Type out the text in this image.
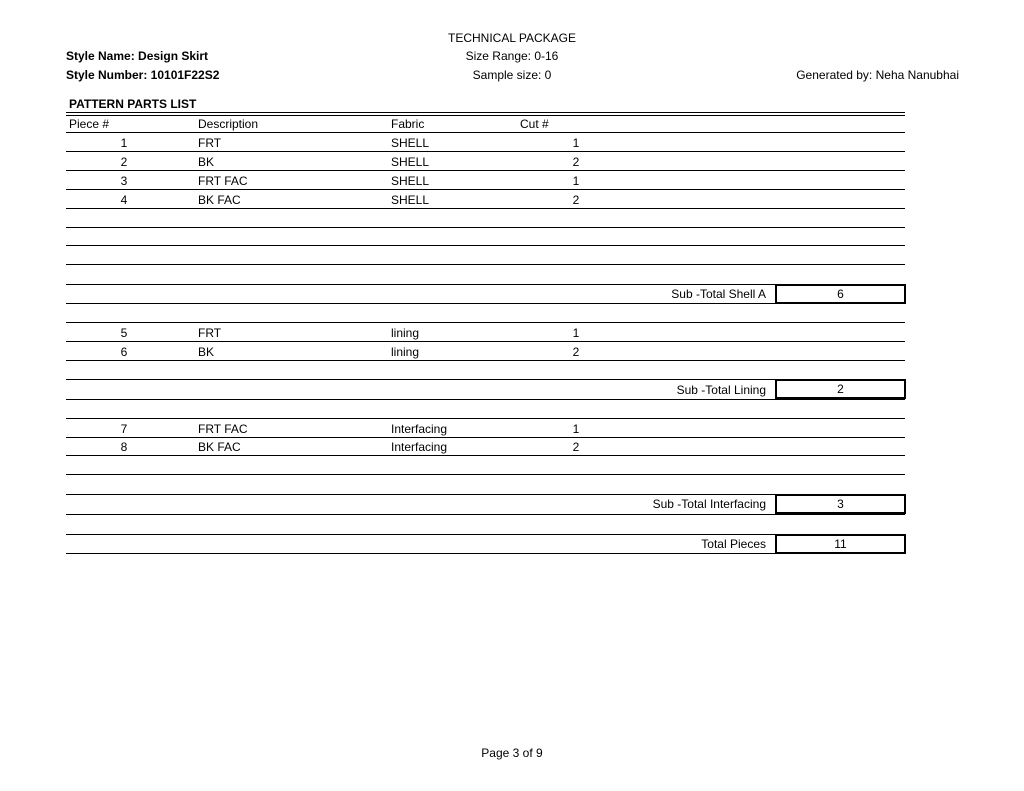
TECHNICAL PACKAGE
Style Name: Design Skirt	Size Range: 0-16
Style Number: 10101F22S2	Sample size: 0	Generated by: Neha Nanubhai
PATTERN PARTS LIST
Piece #	Description	Fabric	Cut #
1	FRT	SHELL	1
2	BK	SHELL	2
3	FRT FAC	SHELL	1
4	BK FAC	SHELL	2
Sub -Total Shell A	6
5	FRT	lining	1
6	BK	lining	2
Sub -Total Lining	2
7	FRT FAC	Interfacing	1
8	BK FAC	Interfacing	2
Sub -Total Interfacing	3
Total Pieces	11
Page 3 of 9
